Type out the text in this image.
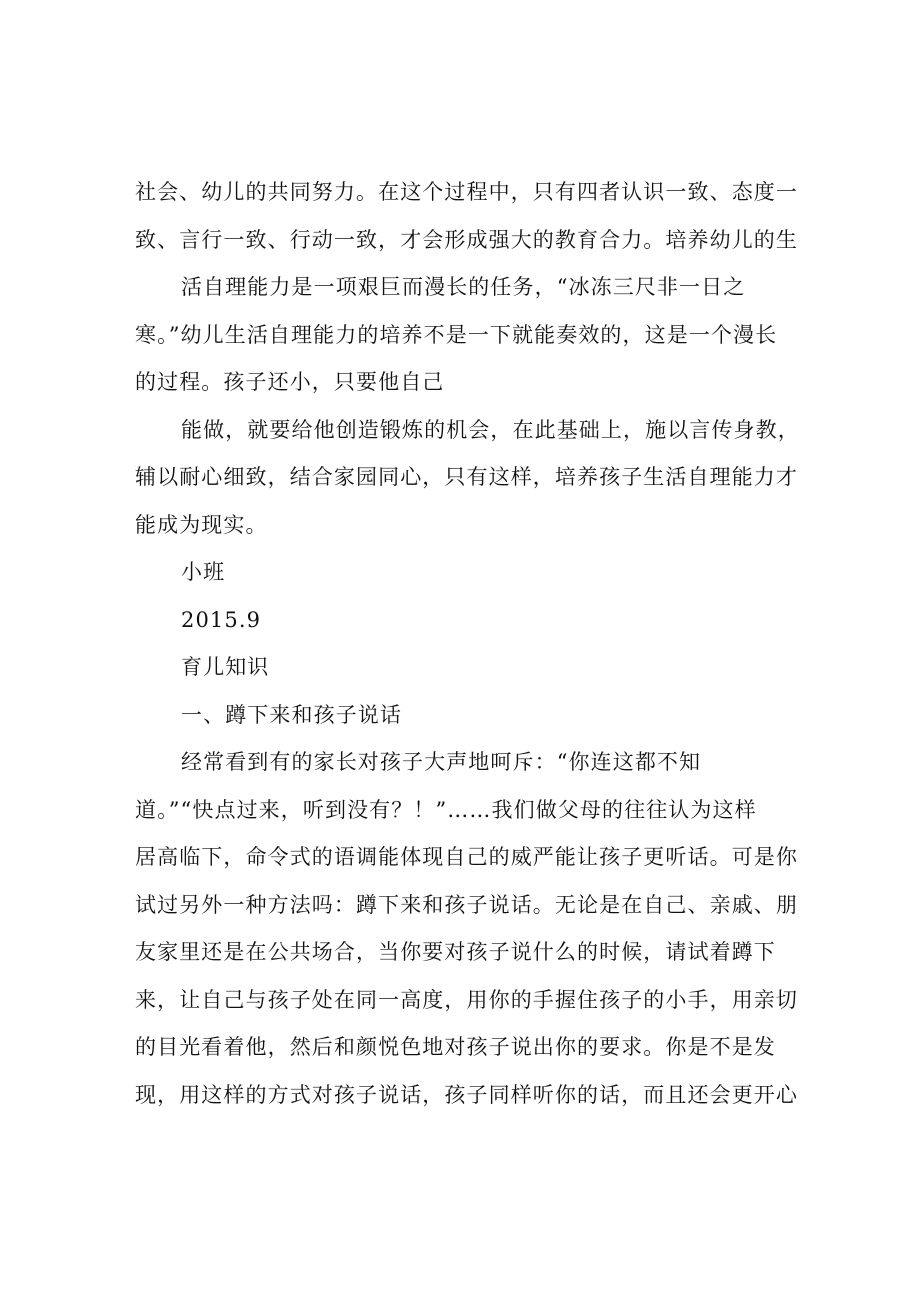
社会、幼儿的共同努力。在这个过程中，只有四者认识一致、态度一
致、言行一致、行动一致，才会形成强大的教育合力。培养幼儿的生
活自理能力是一项艰巨而漫长的任务，“冰冻三尺非一日之
寒。”幼儿生活自理能力的培养不是一下就能奏效的，这是一个漫长
的过程。孩子还小，只要他自己
能做，就要给他创造锻炼的机会，在此基础上，施以言传身教，
辅以耐心细致，结合家园同心，只有这样，培养孩子生活自理能力才
能成为现实。
小班
2015.9
育儿知识
一、蹲下来和孩子说话
经常看到有的家长对孩子大声地呵斥：“你连这都不知
道。”“快点过来，听到没有？！”……我们做父母的往往认为这样
居高临下，命令式的语调能体现自己的威严能让孩子更听话。可是你
试过另外一种方法吗：蹲下来和孩子说话。无论是在自己、亲戚、朋
友家里还是在公共场合，当你要对孩子说什么的时候，请试着蹲下
来，让自己与孩子处在同一高度，用你的手握住孩子的小手，用亲切
的目光看着他，然后和颜悦色地对孩子说出你的要求。你是不是发
现，用这样的方式对孩子说话，孩子同样听你的话，而且还会更开心
